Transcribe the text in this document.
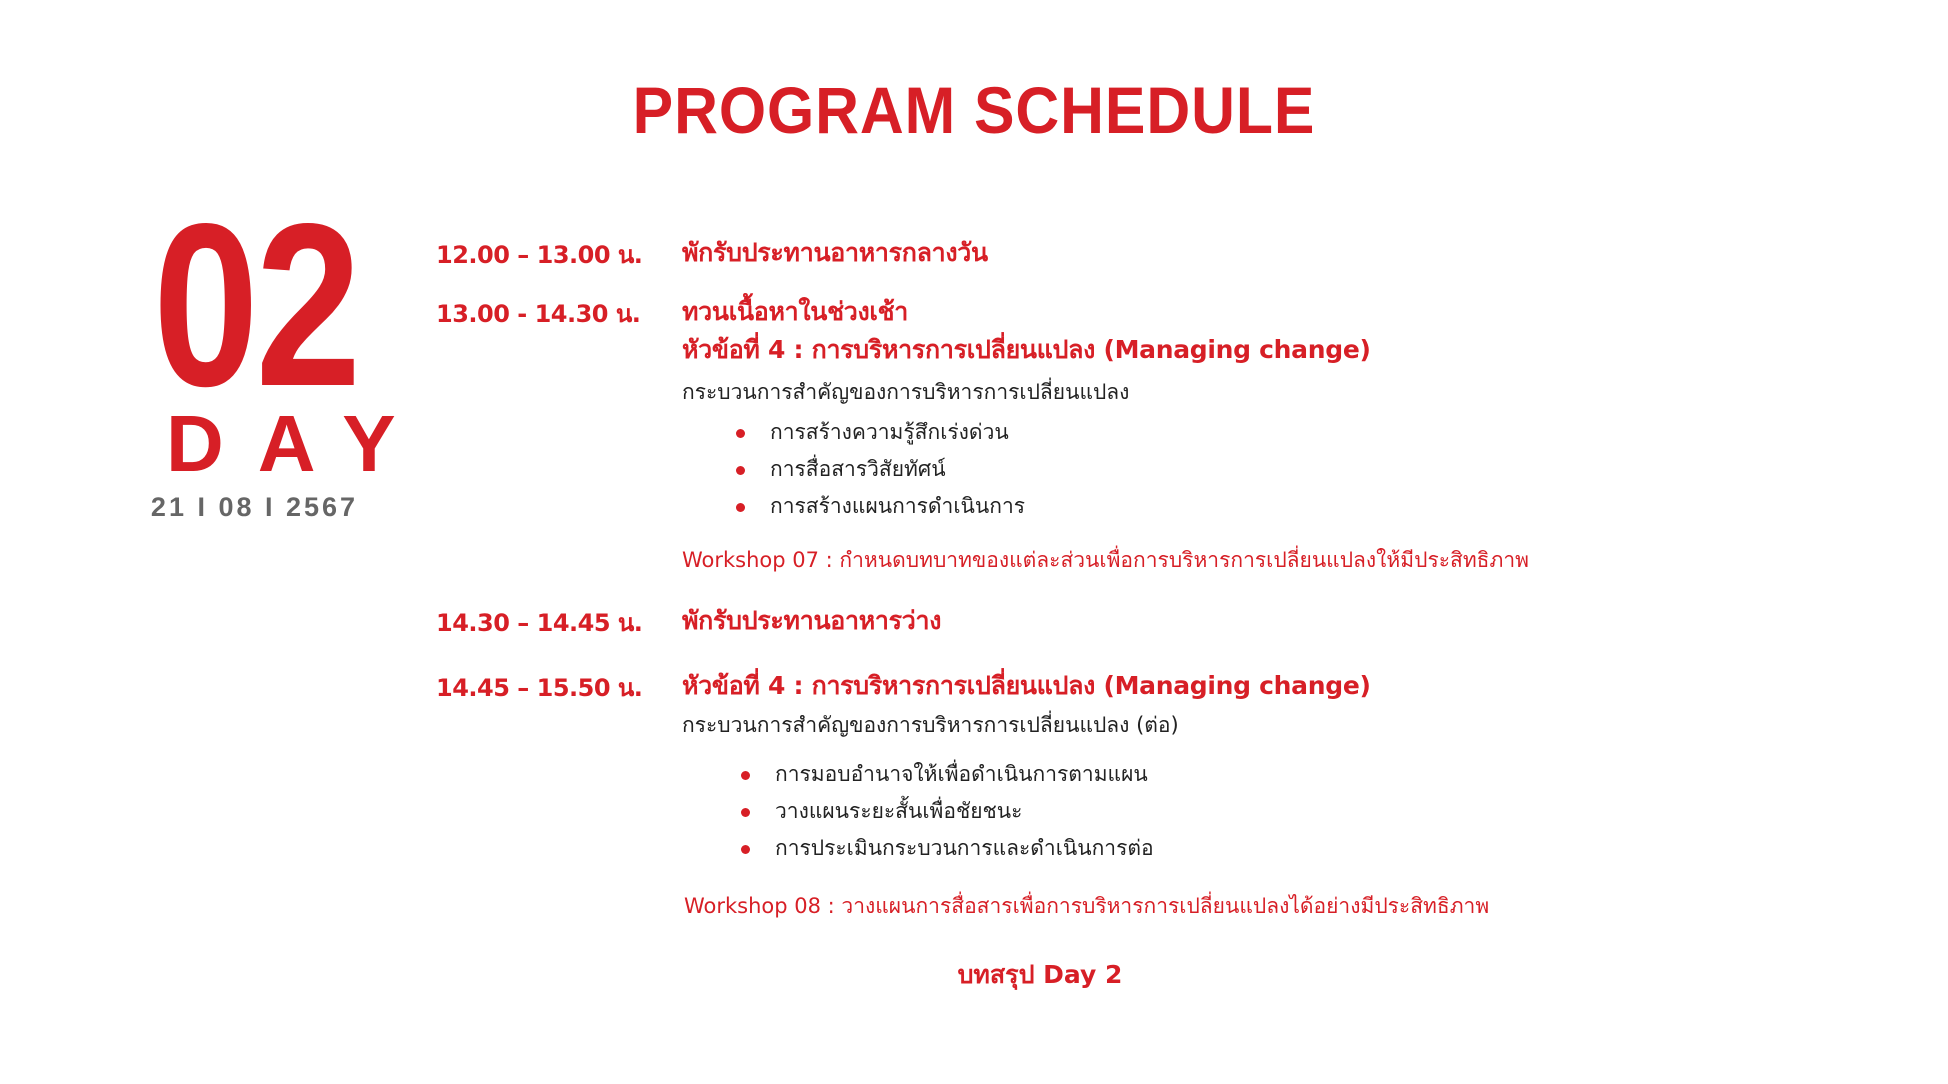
PROGRAM SCHEDULE
02
DAY
21 I 08 I 2567
12.00 – 13.00 น. พักรับประทานอาหารกลางวัน
13.00 - 14.30 น. ทวนเนื้อหาในช่วงเช้า
หัวข้อที่ 4 : การบริหารการเปลี่ยนแปลง (Managing change)
กระบวนการสำคัญของการบริหารการเปลี่ยนแปลง
การสร้างความรู้สึกเร่งด่วน
การสื่อสารวิสัยทัศน์
การสร้างแผนการดำเนินการ
Workshop 07 : กำหนดบทบาทของแต่ละส่วนเพื่อการบริหารการเปลี่ยนแปลงให้มีประสิทธิภาพ
14.30 – 14.45 น. พักรับประทานอาหารว่าง
14.45 – 15.50 น. หัวข้อที่ 4 : การบริหารการเปลี่ยนแปลง (Managing change)
กระบวนการสำคัญของการบริหารการเปลี่ยนแปลง (ต่อ)
การมอบอำนาจให้เพื่อดำเนินการตามแผน
วางแผนระยะสั้นเพื่อชัยชนะ
การประเมินกระบวนการและดำเนินการต่อ
Workshop 08 : วางแผนการสื่อสารเพื่อการบริหารการเปลี่ยนแปลงได้อย่างมีประสิทธิภาพ
บทสรุป Day 2
